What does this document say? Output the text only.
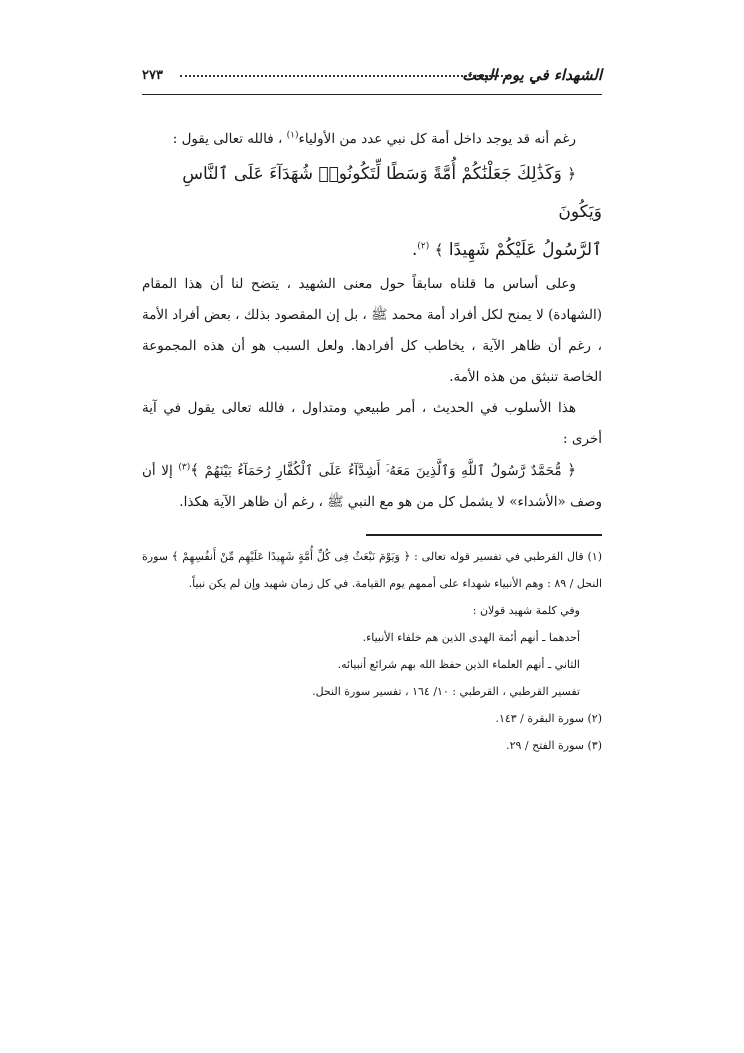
الشهداء في يوم البعث
٢٧٣

رغم أنه قد يوجد داخل أمة كل نبي عدد من الأولياء$^{(١)}$ ، فالله تعالى يقول :

﴿ وَكَذَٰلِكَ جَعَلْنَٰكُمْ أُمَّةً وَسَطًا لِّتَكُونُوا۟ شُهَدَآءَ عَلَى ٱلنَّاسِ وَيَكُونَ

ٱلرَّسُولُ عَلَيْكُمْ شَهِيدًا ﴾ $^{(٢)}$.

وعلى أساس ما قلناه سابقاً حول معنى الشهيد ، يتضح لنا أن هذا المقام (الشهادة) لا يمنح لكل أفراد أمة محمد ﷺ ، بل إن المقصود بذلك ، بعض أفراد الأمة ، رغم أن ظاهر الآية ، يخاطب كل أفرادها. ولعل السبب هو أن هذه المجموعة الخاصة تنبثق من هذه الأمة.

هذا الأسلوب في الحديث ، أمر طبيعي ومتداول ، فالله تعالى يقول في آية أخرى :

﴿ مُّحَمَّدٌ رَّسُولُ ٱللَّهِ وَٱلَّذِينَ مَعَهُۥٓ أَشِدَّآءُ عَلَى ٱلْكُفَّارِ رُحَمَآءُ بَيْنَهُمْ ﴾$^{(٣)}$ إلا أن وصف «الأشداء» لا يشمل كل من هو مع النبي ﷺ ، رغم أن ظاهر الآية هكذا.

(١) قال القرطبي في تفسير قوله تعالى : ﴿ وَيَوْمَ نَبْعَثُ فِى كُلِّ أُمَّةٍ شَهِيدًا عَلَيْهِم مِّنْ أَنفُسِهِمْ ﴾ سورة النحل / ٨٩ : وهم الأنبياء شهداء على أممهم يوم القيامة. في كل زمان شهيد وإن لم يكن نبياً.

وفي كلمة شهيد قولان :

أحدهما ـ أنهم أئمة الهدى الذين هم خلفاء الأنبياء.

الثاني ـ أنهم العلماء الذين حفظ الله بهم شرائع أنبيائه.

تفسير القرطبي ، القرطبي : ١٠/ ١٦٤ ، تفسير سورة النحل.

(٢) سورة البقرة / ١٤٣.

(٣) سورة الفتح / ٢٩.
